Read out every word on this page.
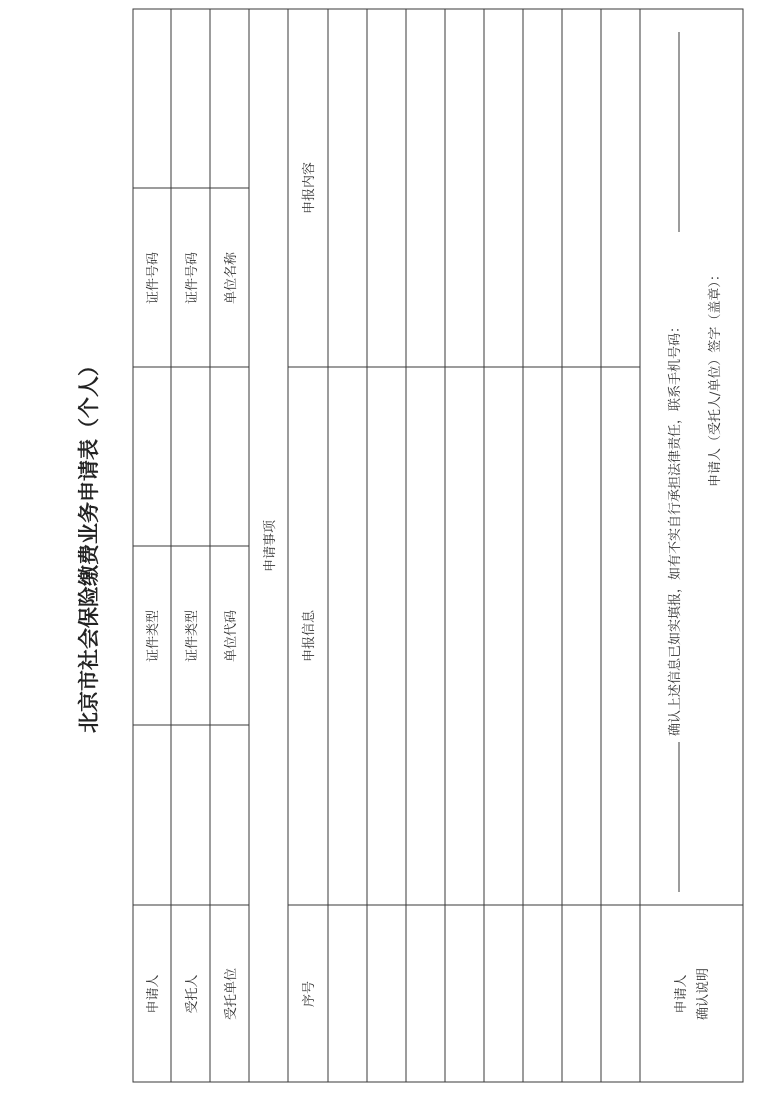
北京市社会保险缴费业务申请表（个人）
申请人 受托人 受托单位
证件类型 证件类型 单位代码
证件号码 证件号码 单位名称
申请事项
序号
申报信息
申报内容
申请人 确认说明
确认上述信息已如实填报，如有不实自行承担法律责任，联系手机号码： 申请人（受托人/单位）签字（盖章）：
